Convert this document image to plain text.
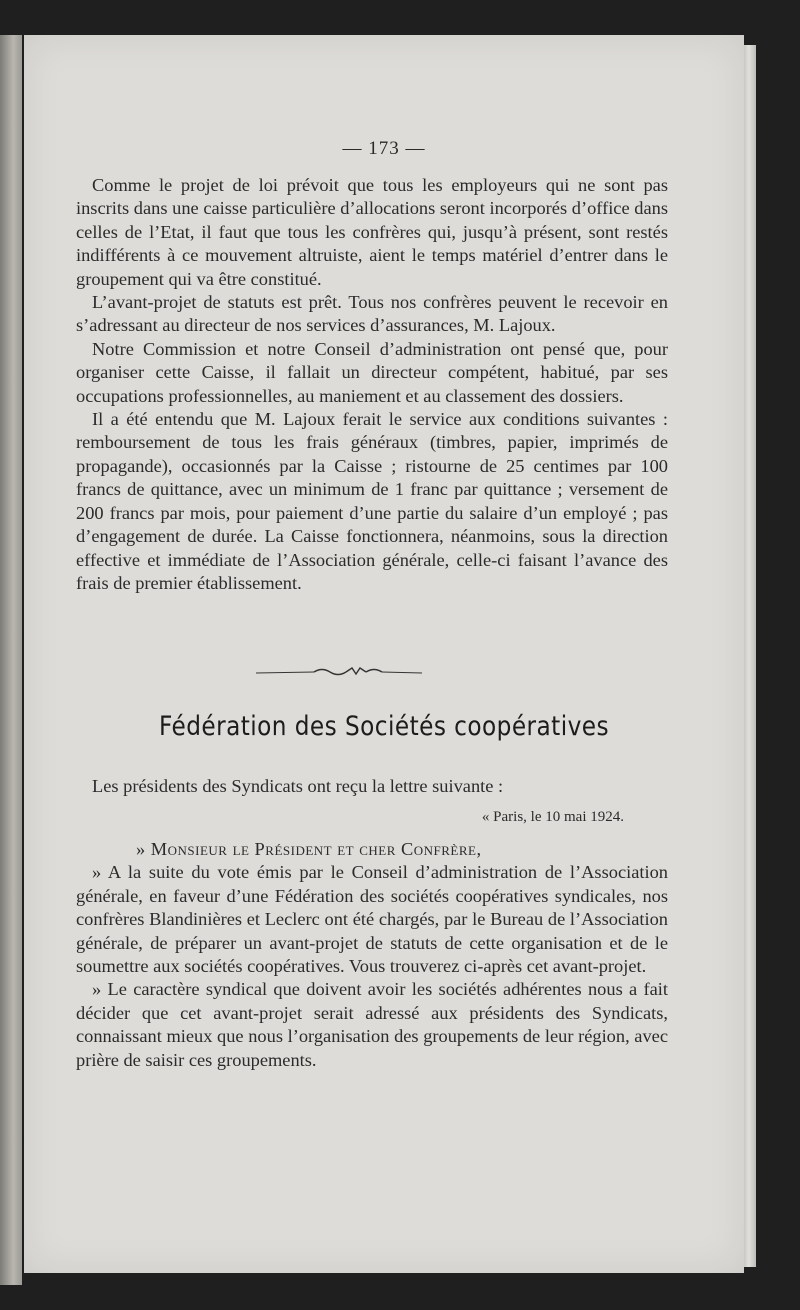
— 173 —

Comme le projet de loi prévoit que tous les employeurs qui ne sont pas inscrits dans une caisse particulière d’allocations seront incorporés d’office dans celles de l’Etat, il faut que tous les confrères qui, jusqu’à présent, sont restés indifférents à ce mouvement altruiste, aient le temps matériel d’entrer dans le groupement qui va être constitué.

L’avant-projet de statuts est prêt. Tous nos confrères peuvent le recevoir en s’adressant au directeur de nos services d’assurances, M. Lajoux.

Notre Commission et notre Conseil d’administration ont pensé que, pour organiser cette Caisse, il fallait un directeur compétent, habitué, par ses occupations professionnelles, au maniement et au classement des dossiers.

Il a été entendu que M. Lajoux ferait le service aux conditions suivantes : remboursement de tous les frais généraux (timbres, papier, imprimés de propagande), occasionnés par la Caisse ; ristourne de 25 centimes par 100 francs de quittance, avec un minimum de 1 franc par quittance ; versement de 200 francs par mois, pour paiement d’une partie du salaire d’un employé ; pas d’engagement de durée. La Caisse fonctionnera, néanmoins, sous la direction effective et immédiate de l’Association générale, celle-ci faisant l’avance des frais de premier établissement.

Fédération des Sociétés coopératives

Les présidents des Syndicats ont reçu la lettre suivante :

« Paris, le 10 mai 1924.

» Monsieur le Président et cher Confrère,

» A la suite du vote émis par le Conseil d’administration de l’Association générale, en faveur d’une Fédération des sociétés coopératives syndicales, nos confrères Blandinières et Leclerc ont été chargés, par le Bureau de l’Association générale, de préparer un avant-projet de statuts de cette organisation et de le soumettre aux sociétés coopératives. Vous trouverez ci-après cet avant-projet.

» Le caractère syndical que doivent avoir les sociétés adhérentes nous a fait décider que cet avant-projet serait adressé aux présidents des Syndicats, connaissant mieux que nous l’organisation des groupements de leur région, avec prière de saisir ces groupements.
